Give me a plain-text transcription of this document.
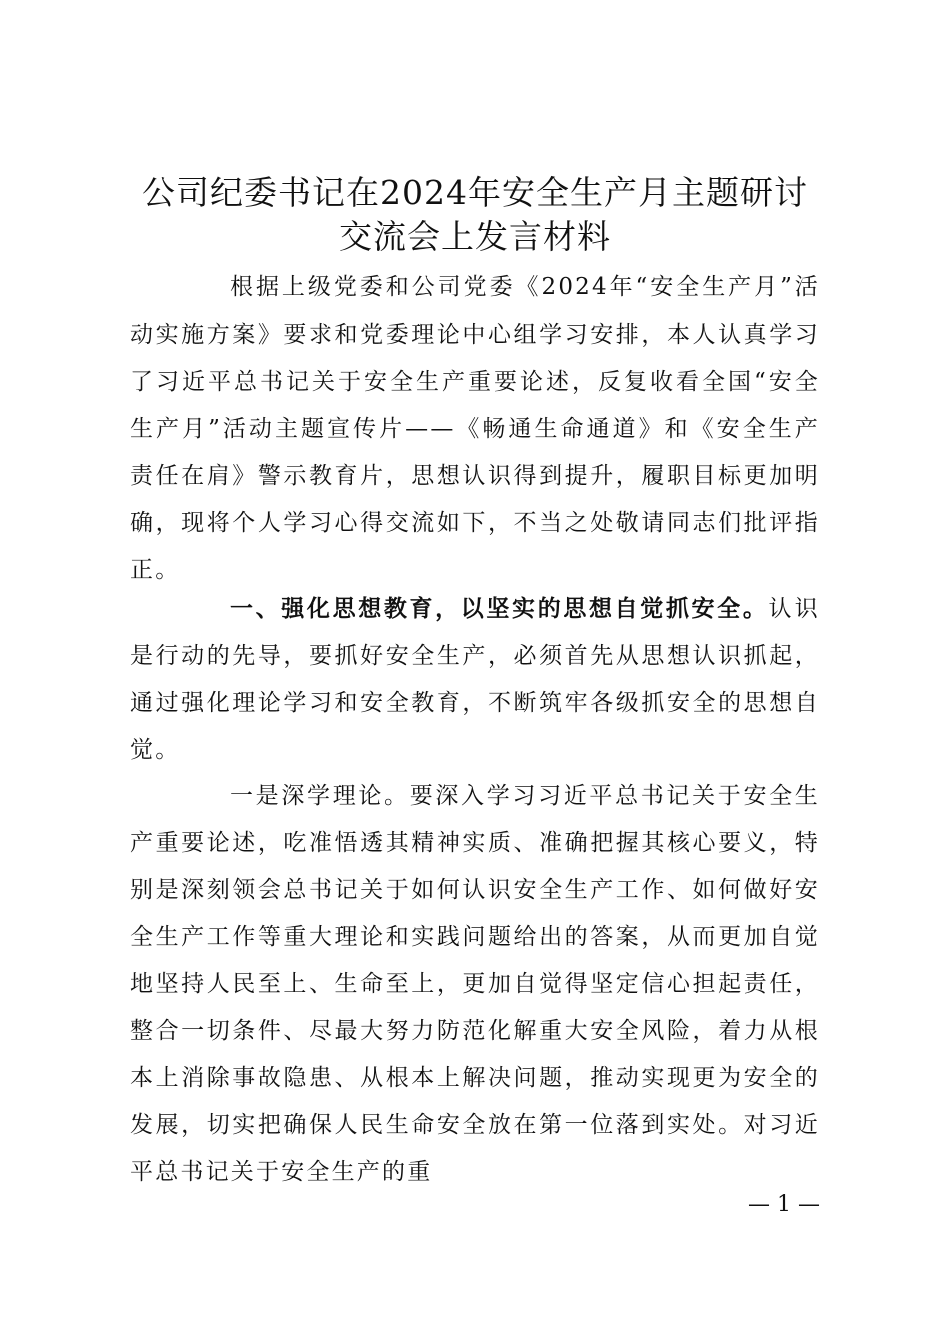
公司纪委书记在2024年安全生产月主题研讨
交流会上发言材料
根据上级党委和公司党委《2024年“安全生产月”活
动实施方案》要求和党委理论中心组学习安排，本人认真学习
了习近平总书记关于安全生产重要论述，反复收看全国“安全
生产月”活动主题宣传片——《畅通生命通道》和《安全生产
责任在肩》警示教育片，思想认识得到提升，履职目标更加明
确，现将个人学习心得交流如下，不当之处敬请同志们批评指
正。
一、强化思想教育，以坚实的思想自觉抓安全。认识
是行动的先导，要抓好安全生产，必须首先从思想认识抓起，
通过强化理论学习和安全教育，不断筑牢各级抓安全的思想自
觉。
一是深学理论。要深入学习习近平总书记关于安全生
产重要论述，吃准悟透其精神实质、准确把握其核心要义，特
别是深刻领会总书记关于如何认识安全生产工作、如何做好安
全生产工作等重大理论和实践问题给出的答案，从而更加自觉
地坚持人民至上、生命至上，更加自觉得坚定信心担起责任，
整合一切条件、尽最大努力防范化解重大安全风险，着力从根
本上消除事故隐患、从根本上解决问题，推动实现更为安全的
发展，切实把确保人民生命安全放在第一位落到实处。对习近
平总书记关于安全生产的重
— 1 —
